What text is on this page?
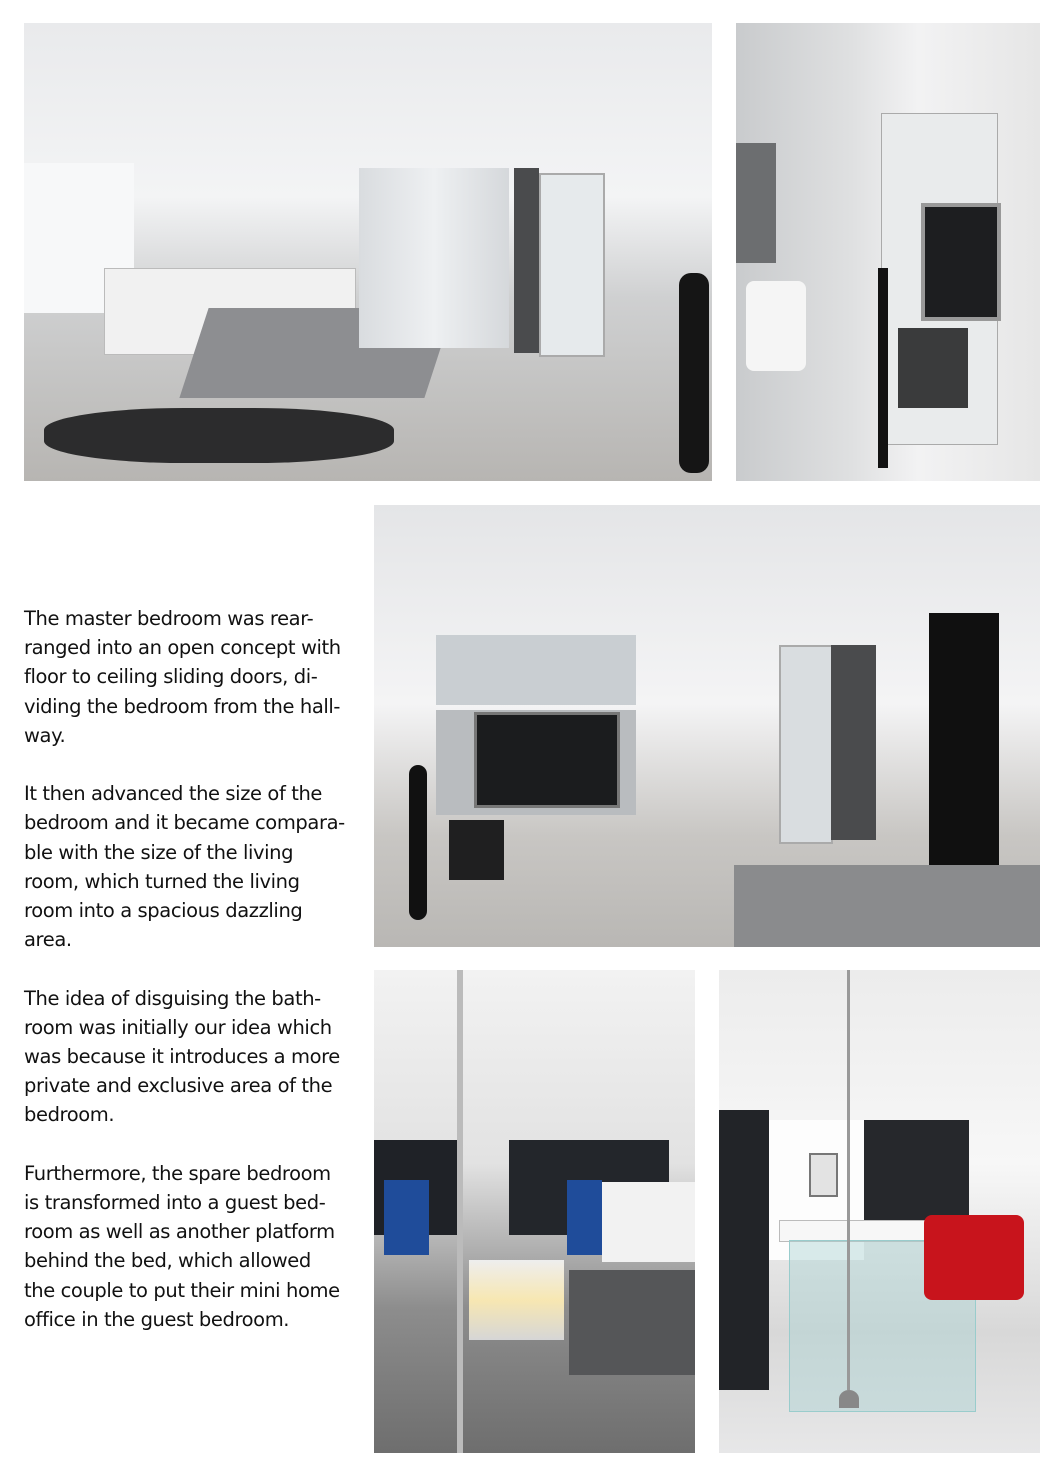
The master bedroom was rear-
ranged into an open concept with
floor to ceiling sliding doors, di-
viding the bedroom from the hall-
way.

It then advanced the size of the
bedroom and it became compara-
ble with the size of the living
room, which turned the living
room into a spacious dazzling
area.

The idea of disguising the bath-
room was initially our idea which
was because it introduces a more
private and exclusive area of the
bedroom.

Furthermore, the spare bedroom
is transformed into a guest bed-
room as well as another platform
behind the bed, which allowed
the couple to put their mini home
office in the guest bedroom.
